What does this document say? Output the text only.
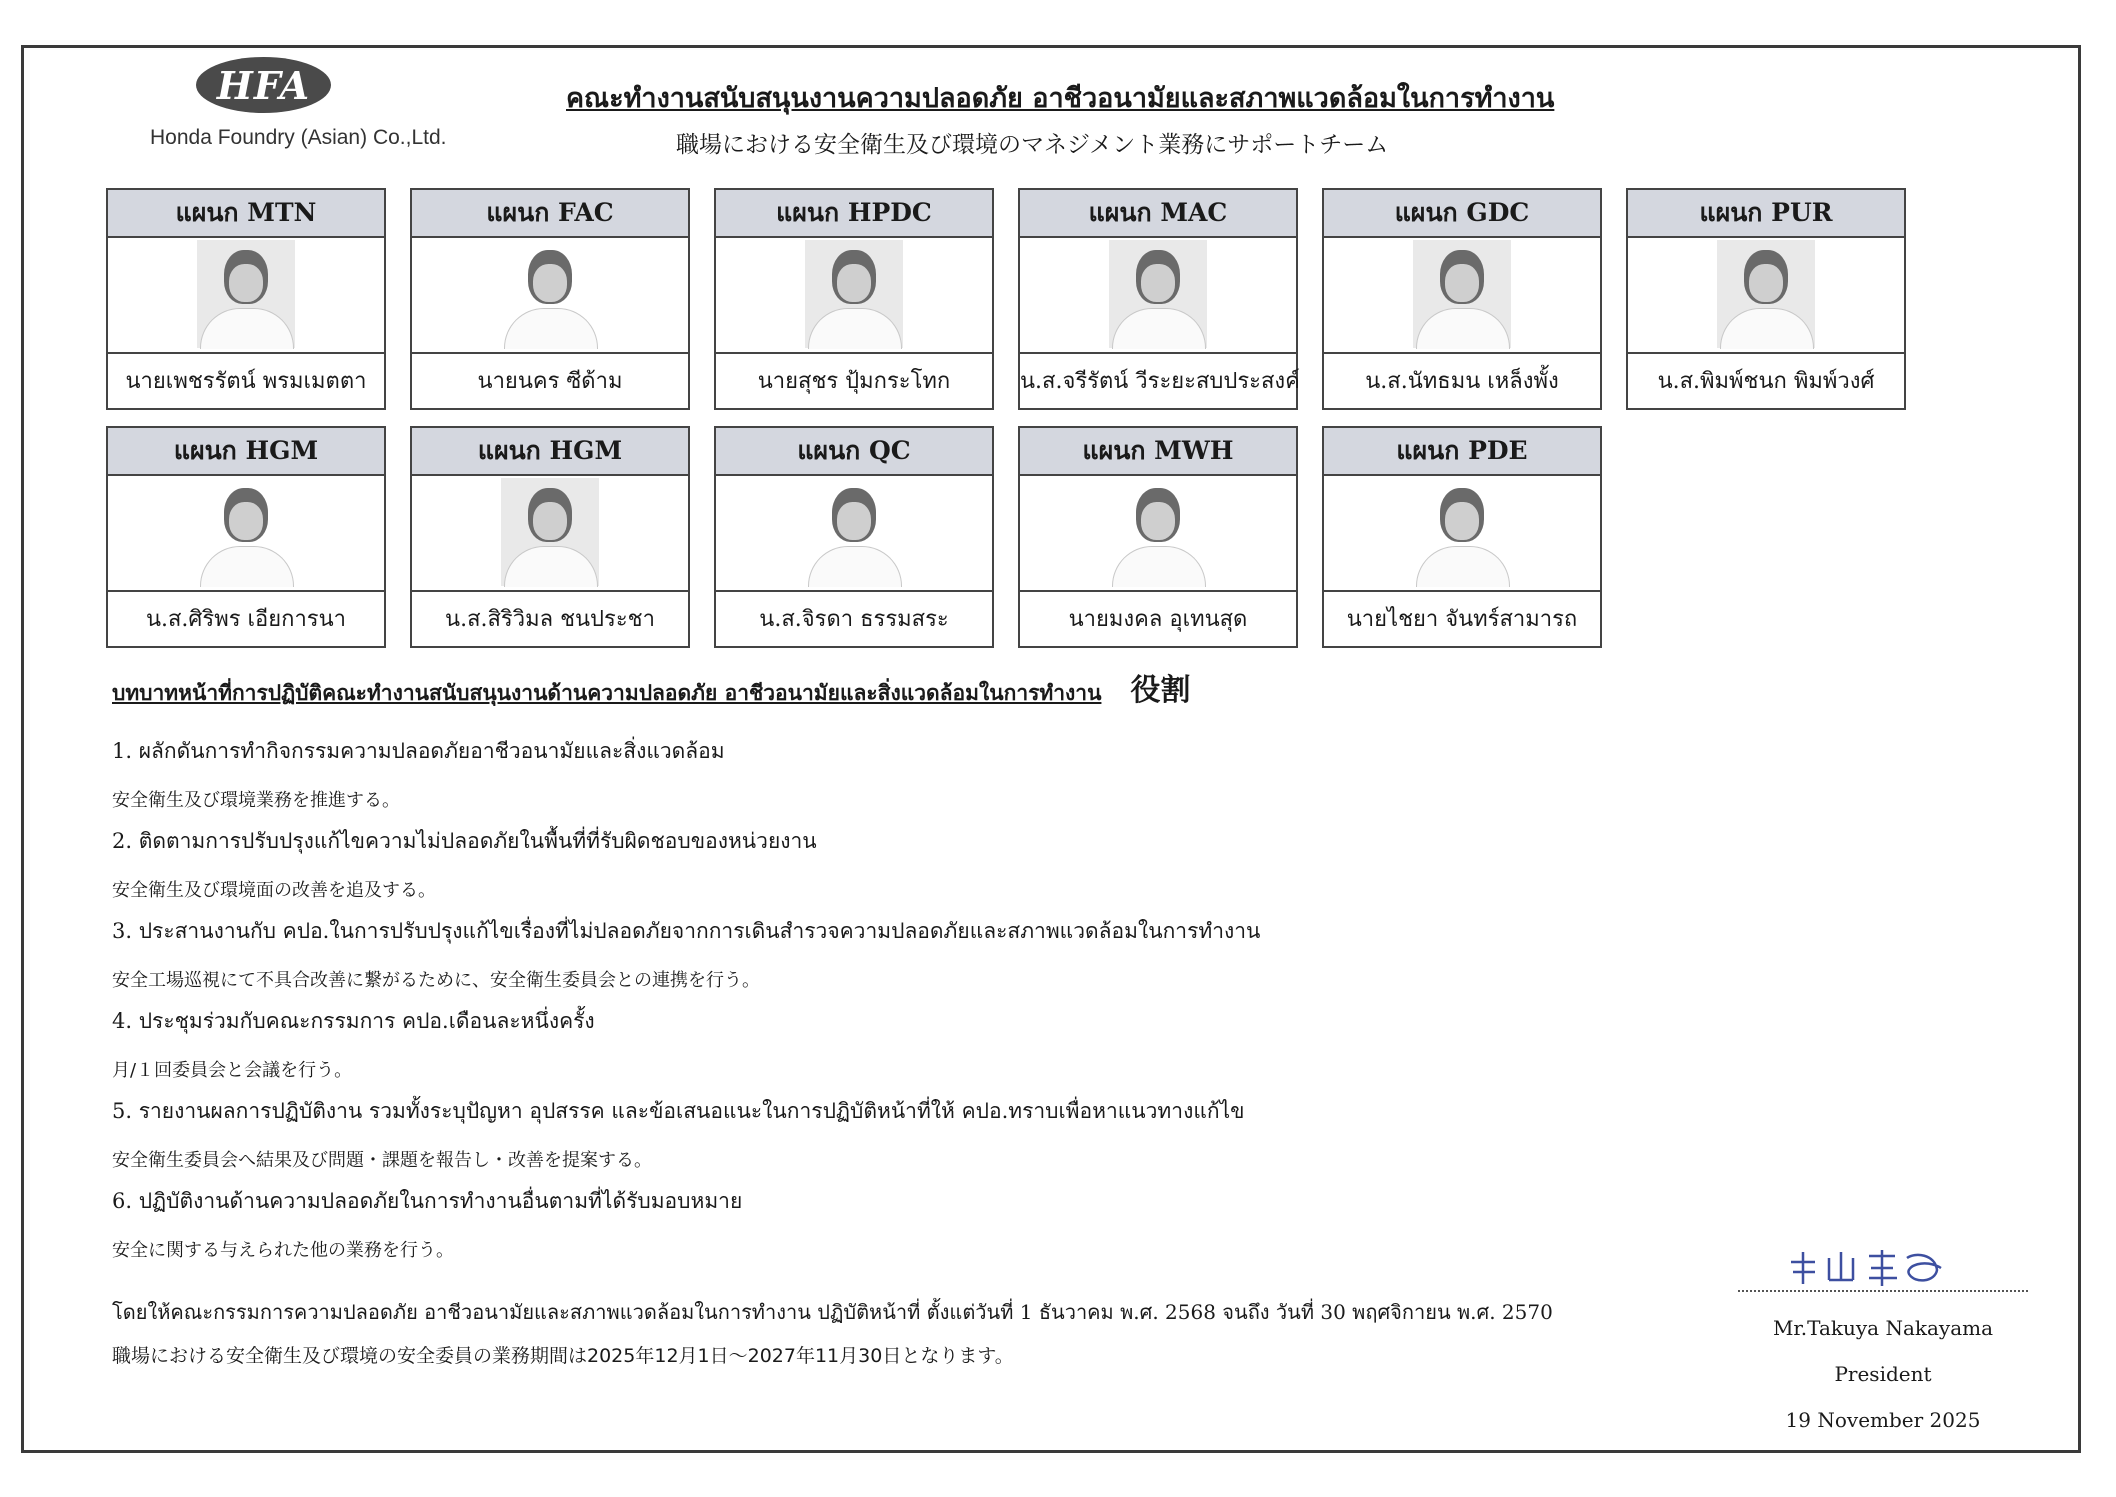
HFA
Honda Foundry (Asian) Co.,Ltd.
คณะทำงานสนับสนุนงานความปลอดภัย อาชีวอนามัยและสภาพแวดล้อมในการทำงาน
職場における安全衛生及び環境のマネジメント業務にサポートチーム
แผนก MTN
นายเพชรรัตน์ พรมเมตตา
แผนก FAC
นายนคร ซีด้าม
แผนก HPDC
นายสุชร ปุ้มกระโทก
แผนก MAC
น.ส.จรีรัตน์ วีระยะสบประสงค์
แผนก GDC
น.ส.นัทธมน เหล็งพั้ง
แผนก PUR
น.ส.พิมพ์ชนก พิมพ์วงศ์
แผนก HGM
น.ส.ศิริพร เอียการนา
แผนก HGM
น.ส.สิริวิมล ชนประชา
แผนก QC
น.ส.จิรดา ธรรมสระ
แผนก MWH
นายมงคล อุเทนสุด
แผนก PDE
นายไชยา จันทร์สามารถ
บทบาทหน้าที่การปฏิบัติคณะทำงานสนับสนุนงานด้านความปลอดภัย อาชีวอนามัยและสิ่งแวดล้อมในการทำงาน 役割
1. ผลักดันการทำกิจกรรมความปลอดภัยอาชีวอนามัยและสิ่งแวดล้อม
安全衛生及び環境業務を推進する。
2. ติดตามการปรับปรุงแก้ไขความไม่ปลอดภัยในพื้นที่ที่รับผิดชอบของหน่วยงาน
安全衛生及び環境面の改善を追及する。
3. ประสานงานกับ คปอ.ในการปรับปรุงแก้ไขเรื่องที่ไม่ปลอดภัยจากการเดินสำรวจความปลอดภัยและสภาพแวดล้อมในการทำงาน
安全工場巡視にて不具合改善に繋がるために、安全衛生委員会との連携を行う。
4. ประชุมร่วมกับคณะกรรมการ คปอ.เดือนละหนึ่งครั้ง
月/１回委員会と会議を行う。
5. รายงานผลการปฏิบัติงาน รวมทั้งระบุปัญหา อุปสรรค และข้อเสนอแนะในการปฏิบัติหน้าที่ให้ คปอ.ทราบเพื่อหาแนวทางแก้ไข
安全衛生委員会へ結果及び問題・課題を報告し・改善を提案する。
6. ปฏิบัติงานด้านความปลอดภัยในการทำงานอื่นตามที่ได้รับมอบหมาย
安全に関する与えられた他の業務を行う。
โดยให้คณะกรรมการความปลอดภัย อาชีวอนามัยและสภาพแวดล้อมในการทำงาน ปฏิบัติหน้าที่ ตั้งแต่วันที่ 1 ธันวาคม พ.ศ. 2568 จนถึง วันที่ 30 พฤศจิกายน พ.ศ. 2570
職場における安全衛生及び環境の安全委員の業務期間は2025年12月1日～2027年11月30日となります。
Mr.Takuya Nakayama
President
19 November 2025
